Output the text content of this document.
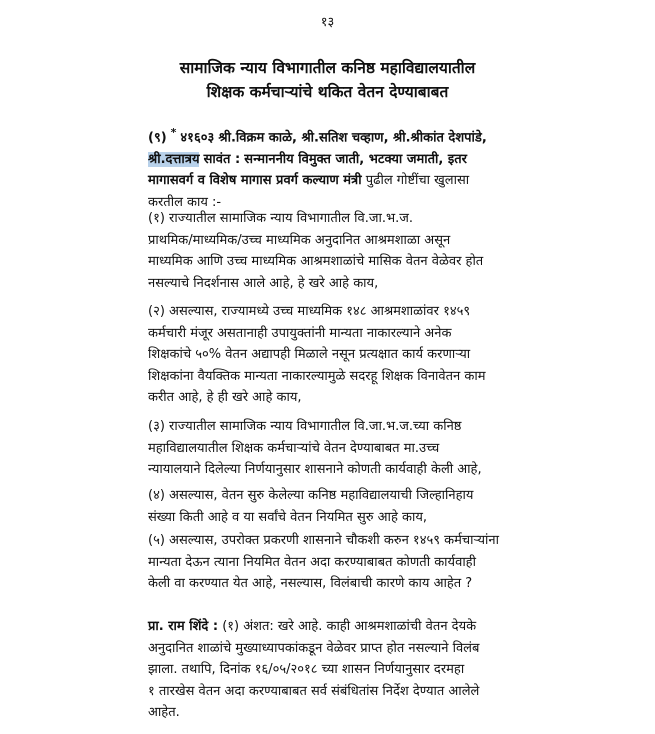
१३
सामाजिक न्याय विभागातील कनिष्ठ महाविद्यालयातील
शिक्षक कर्मचाऱ्यांचे थकित वेतन देण्याबाबत
(९) * ४१६०३ श्री.विक्रम काळे, श्री.सतिश चव्हाण, श्री.श्रीकांत देशपांडे,
श्री.दत्तात्रय सावंत : सन्माननीय विमुक्त जाती, भटक्या जमाती, इतर
मागासवर्ग व विशेष मागास प्रवर्ग कल्याण मंत्री पुढील गोष्टींचा खुलासा
करतील काय :-
(१) राज्यातील सामाजिक न्याय विभागातील वि.जा.भ.ज.
प्राथमिक/माध्यमिक/उच्च माध्यमिक अनुदानित आश्रमशाळा असून
माध्यमिक आणि उच्च माध्यमिक आश्रमशाळांचे मासिक वेतन वेळेवर होत
नसल्याचे निदर्शनास आले आहे, हे खरे आहे काय,
(२) असल्यास, राज्यामध्ये उच्च माध्यमिक १४८ आश्रमशाळांवर १४५९
कर्मचारी मंजूर असतानाही उपायुक्तांनी मान्यता नाकारल्याने अनेक
शिक्षकांचे ५०% वेतन अद्यापही मिळाले नसून प्रत्यक्षात कार्य करणाऱ्या
शिक्षकांना वैयक्तिक मान्यता नाकारल्यामुळे सदरहू शिक्षक विनावेतन काम
करीत आहे, हे ही खरे आहे काय,
(३) राज्यातील सामाजिक न्याय विभागातील वि.जा.भ.ज.च्या कनिष्ठ
महाविद्यालयातील शिक्षक कर्मचाऱ्यांचे वेतन देण्याबाबत मा.उच्च
न्यायालयाने दिलेल्या निर्णयानुसार शासनाने कोणती कार्यवाही केली आहे,
(४) असल्यास, वेतन सुरु केलेल्या कनिष्ठ महाविद्यालयाची जिल्हानिहाय
संख्या किती आहे व या सर्वांचे वेतन नियमित सुरु आहे काय,
(५) असल्यास, उपरोक्त प्रकरणी शासनाने चौकशी करुन १४५९ कर्मचाऱ्यांना
मान्यता देऊन त्याना नियमित वेतन अदा करण्याबाबत कोणती कार्यवाही
केली वा करण्यात येत आहे, नसल्यास, विलंबाची कारणे काय आहेत ?
प्रा. राम शिंदे : (१) अंशत: खरे आहे. काही आश्रमशाळांची वेतन देयके
अनुदानित शाळांचे मुख्याध्यापकांकडून वेळेवर प्राप्त होत नसल्याने विलंब
झाला. तथापि, दिनांक १६/०५/२०१८ च्या शासन निर्णयानुसार दरमहा
१ तारखेस वेतन अदा करण्याबाबत सर्व संबंधितांस निर्देश देण्यात आलेले
आहेत.
